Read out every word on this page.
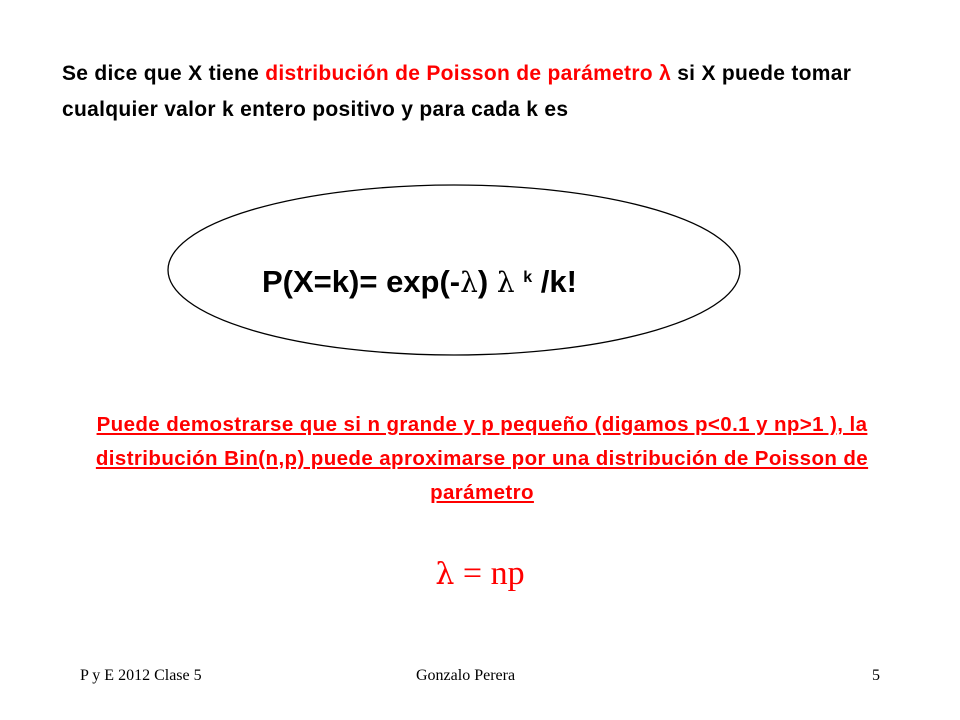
Se dice que X tiene distribución de Poisson de parámetro λ si X puede tomar cualquier valor k entero positivo y para cada k es
P(X=k)= exp(-λ) λ $^k$ /k!
Puede demostrarse que si n grande y p pequeño (digamos p<0.1 y np>1 ), la distribución Bin(n,p) puede aproximarse por una distribución de Poisson de parámetro
λ = np
P y E 2012 Clase 5	Gonzalo Perera	5
